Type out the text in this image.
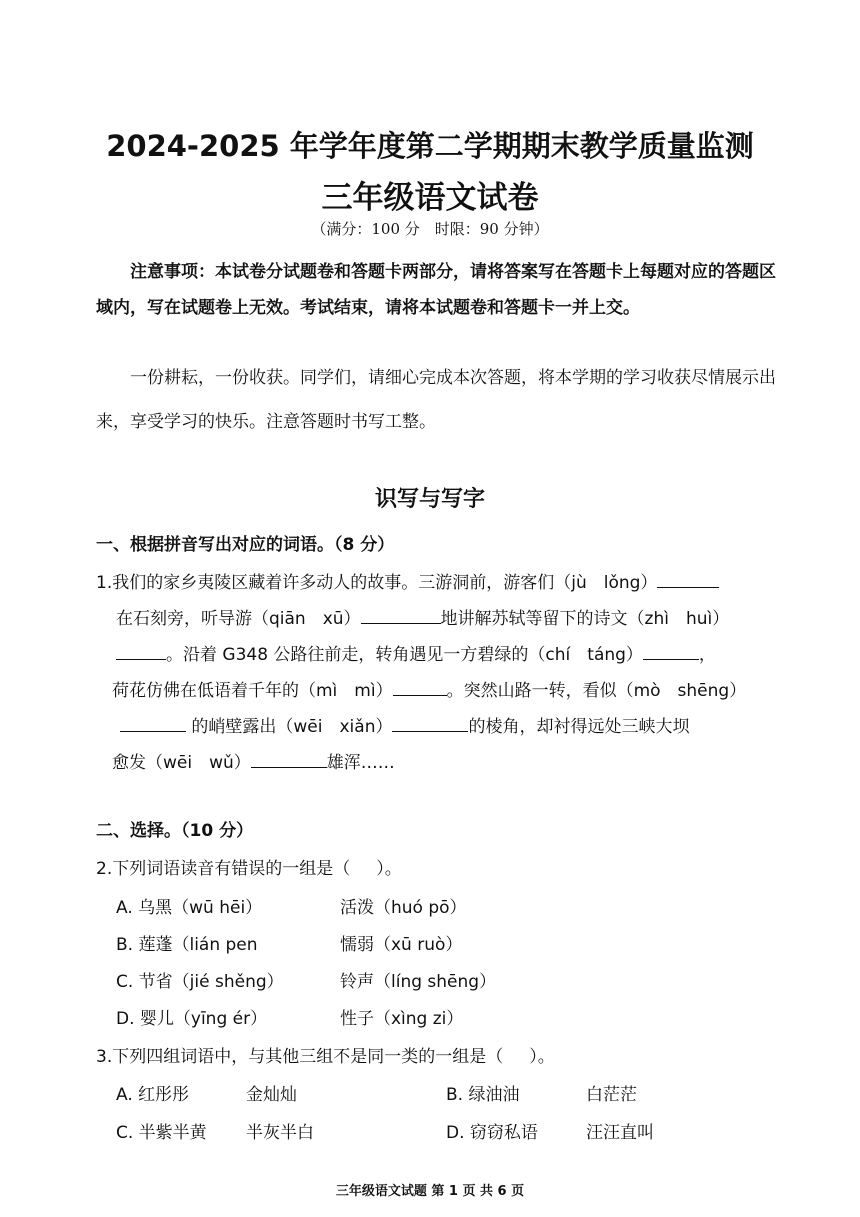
2024-2025 年学年度第二学期期末教学质量监测
三年级语文试卷
（满分：100 分　时限：90 分钟）
注意事项：本试卷分试题卷和答题卡两部分，请将答案写在答题卡上每题对应的答题区域内，写在试题卷上无效。考试结束，请将本试题卷和答题卡一并上交。
一份耕耘，一份收获。同学们，请细心完成本次答题，将本学期的学习收获尽情展示出来，享受学习的快乐。注意答题时书写工整。
识写与写字
一、根据拼音写出对应的词语。（8 分）
1.我们的家乡夷陵区藏着许多动人的故事。三游洞前，游客们（jù　lǒng）
在石刻旁，听导游（qiān　xū）	地讲解苏轼等留下的诗文（zhì　huì）
。沿着 G348 公路往前走，转角遇见一方碧绿的（chí　táng）	，
荷花仿佛在低语着千年的（mì　mì）	。突然山路一转，看似（mò　shēng）
的峭壁露出（wēi　xiǎn）	的棱角，却衬得远处三峡大坝
愈发（wēi　wǔ）	雄浑……
二、选择。（10 分）
2.下列词语读音有错误的一组是（ ）。
A. 乌黑（wū hēi）	活泼（huó pō）
B. 莲蓬（lián pen	懦弱（xū ruò）
C. 节省（jié shěng）	铃声（líng shēng）
D. 婴儿（yīng ér）	性子（xìng zi）
3.下列四组词语中，与其他三组不是同一类的一组是（ ）。
A. 红彤彤	金灿灿	B. 绿油油	白茫茫
C. 半紫半黄 半灰半白	D. 窃窃私语	汪汪直叫
三年级语文试题 第 1 页 共 6 页
